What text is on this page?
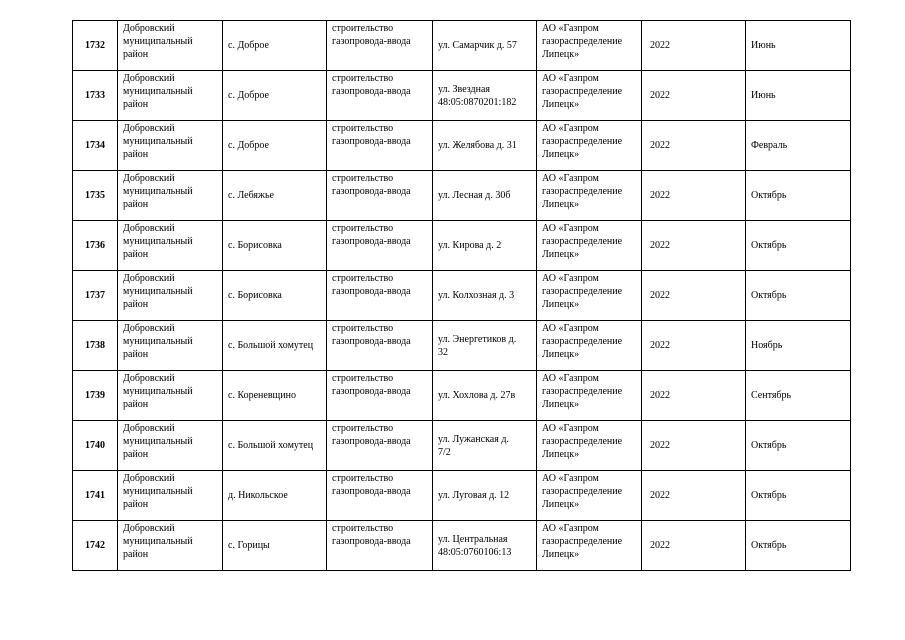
1732	Добровский
муниципальный
район	с. Доброе	строительство
газопровода-ввода	ул. Самарчик д. 57	АО «Газпром
газораспределение
Липецк»	2022	Июнь
1733	Добровский
муниципальный
район	с. Доброе	строительство
газопровода-ввода	ул. Звездная
48:05:0870201:182	АО «Газпром
газораспределение
Липецк»	2022	Июнь
1734	Добровский
муниципальный
район	с. Доброе	строительство
газопровода-ввода	ул. Желябова д. 31	АО «Газпром
газораспределение
Липецк»	2022	Февраль
1735	Добровский
муниципальный
район	с. Лебяжье	строительство
газопровода-ввода	ул. Лесная д. 30б	АО «Газпром
газораспределение
Липецк»	2022	Октябрь
1736	Добровский
муниципальный
район	с. Борисовка	строительство
газопровода-ввода	ул. Кирова д. 2	АО «Газпром
газораспределение
Липецк»	2022	Октябрь
1737	Добровский
муниципальный
район	с. Борисовка	строительство
газопровода-ввода	ул. Колхозная д. 3	АО «Газпром
газораспределение
Липецк»	2022	Октябрь
1738	Добровский
муниципальный
район	с. Большой хомутец	строительство
газопровода-ввода	ул. Энергетиков д.
32	АО «Газпром
газораспределение
Липецк»	2022	Ноябрь
1739	Добровский
муниципальный
район	с. Кореневщино	строительство
газопровода-ввода	ул. Хохлова д. 27в	АО «Газпром
газораспределение
Липецк»	2022	Сентябрь
1740	Добровский
муниципальный
район	с. Большой хомутец	строительство
газопровода-ввода	ул. Лужанская д.
7/2	АО «Газпром
газораспределение
Липецк»	2022	Октябрь
1741	Добровский
муниципальный
район	д. Никольское	строительство
газопровода-ввода	ул. Луговая д. 12	АО «Газпром
газораспределение
Липецк»	2022	Октябрь
1742	Добровский
муниципальный
район	с. Горицы	строительство
газопровода-ввода	ул. Центральная
48:05:0760106:13	АО «Газпром
газораспределение
Липецк»	2022	Октябрь
